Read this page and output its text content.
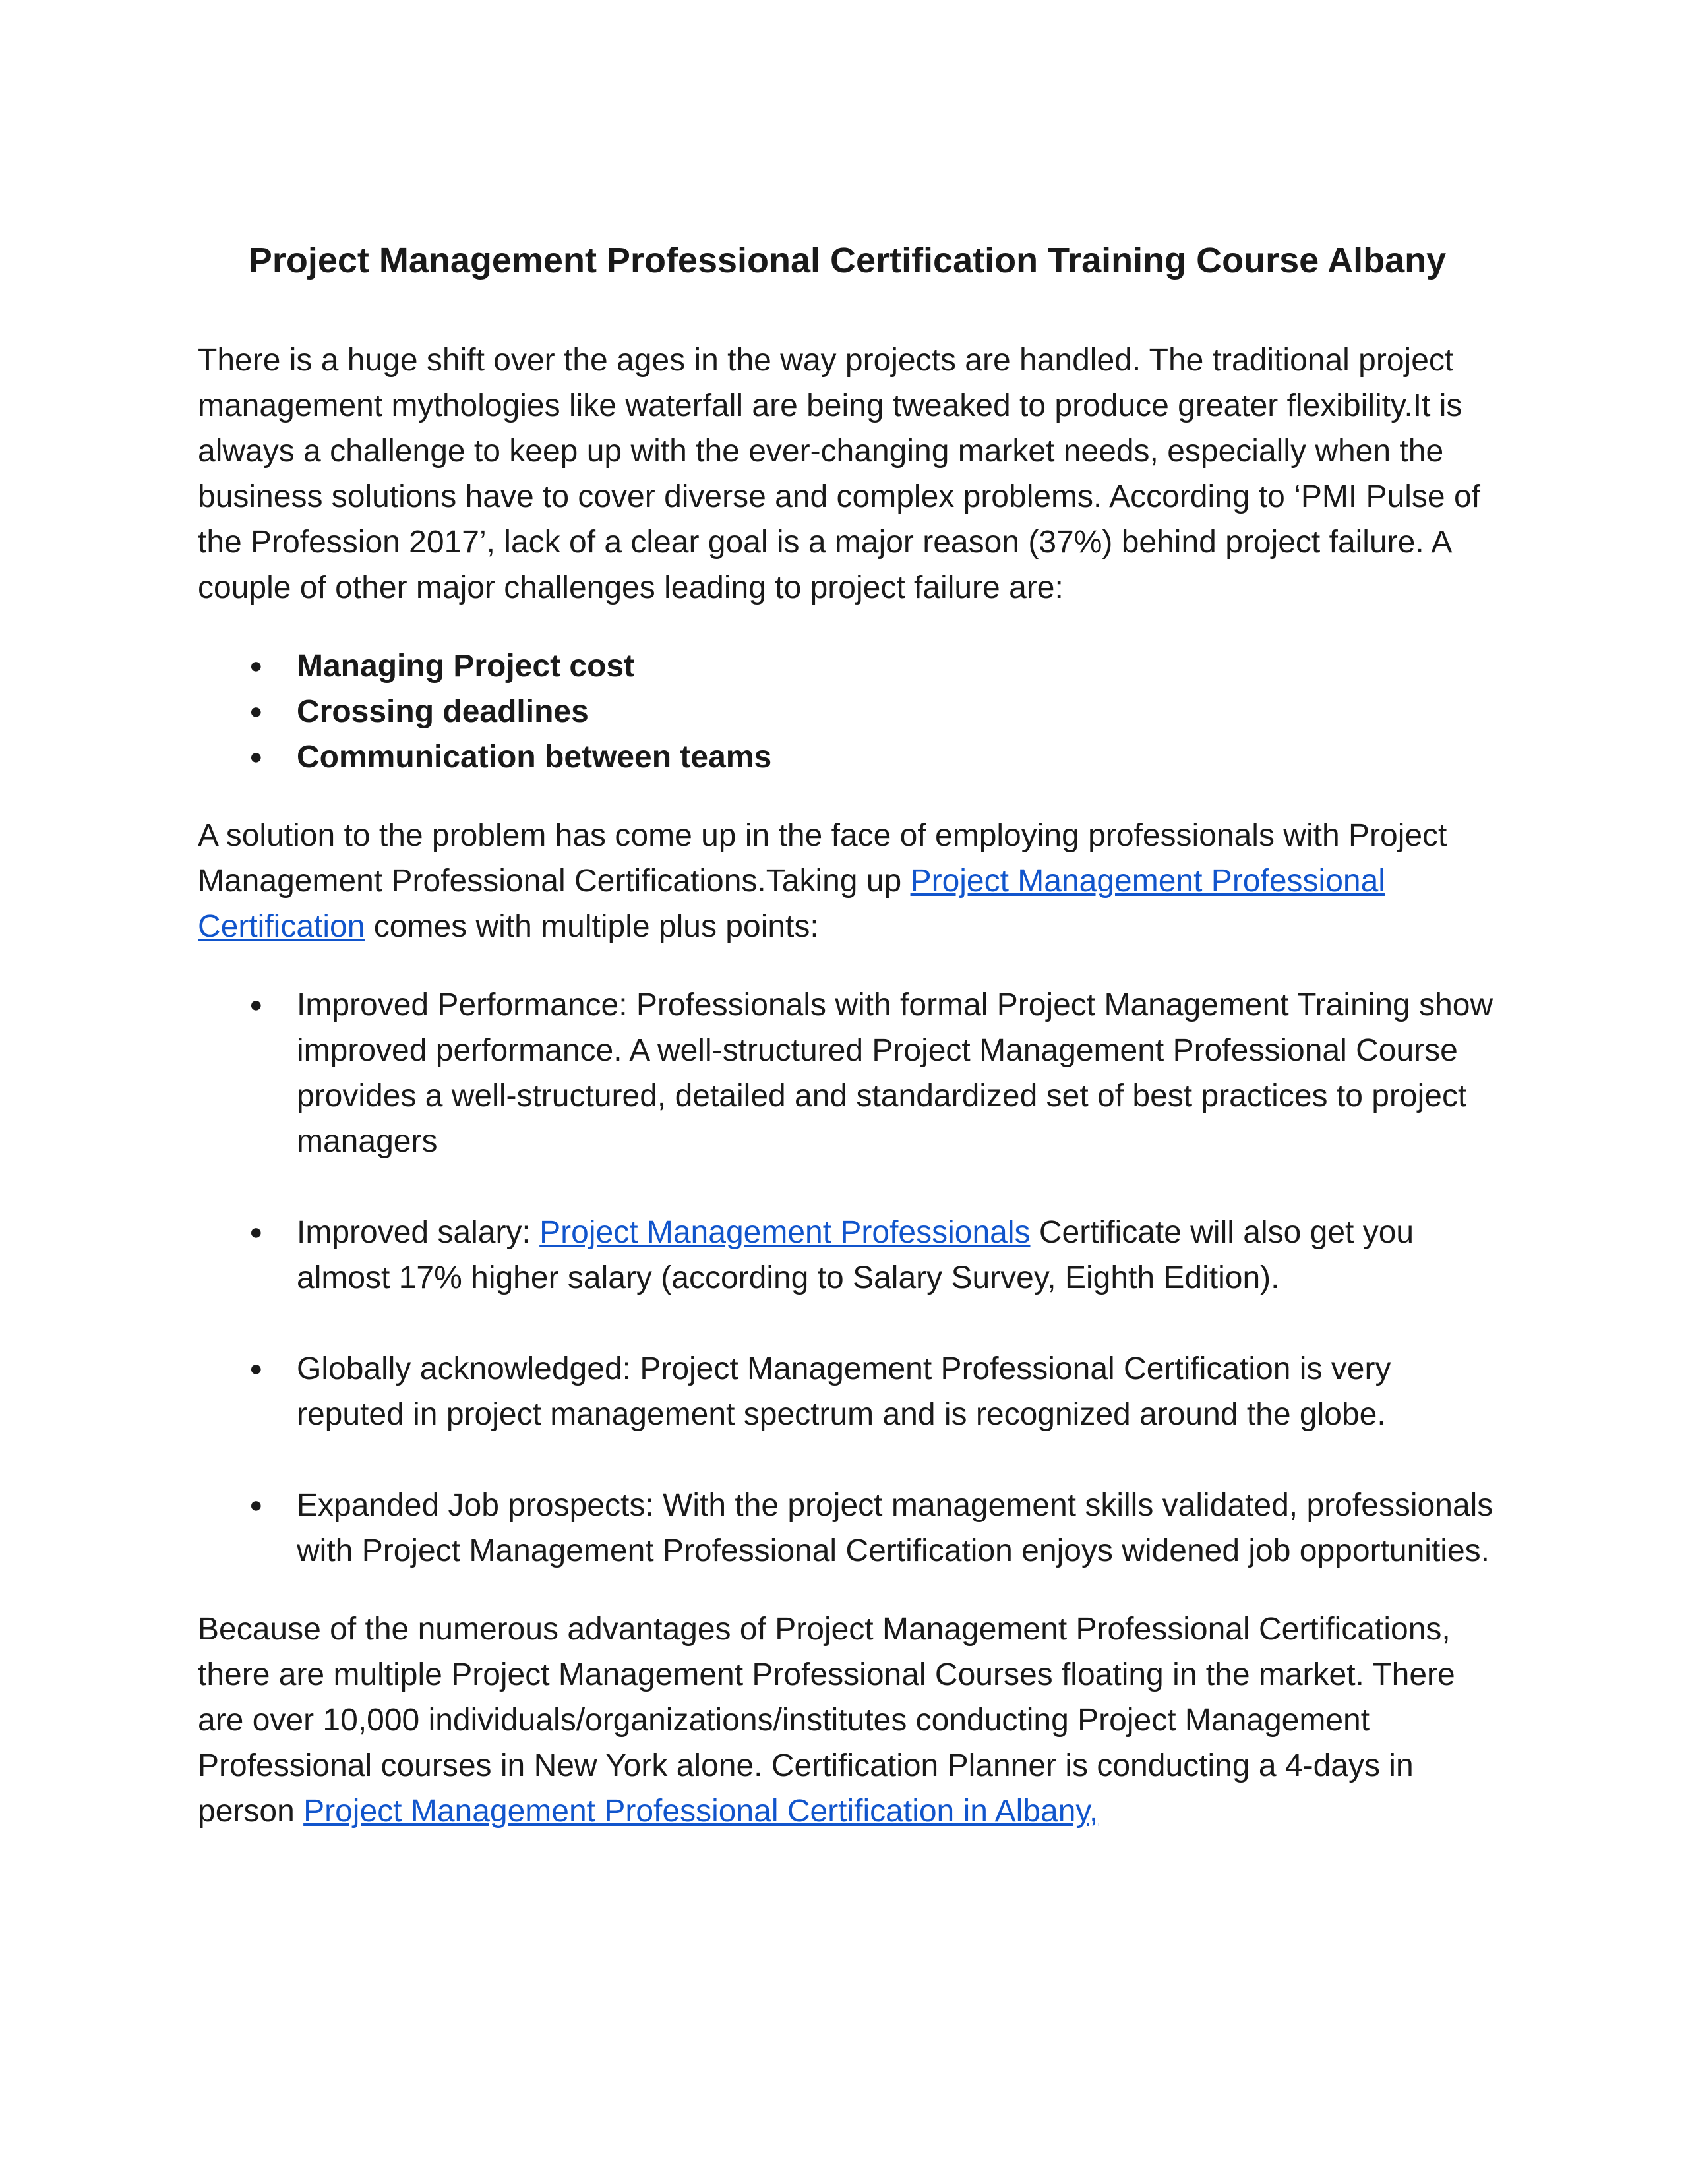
Project Management Professional Certification Training Course Albany

There is a huge shift over the ages in the way projects are handled. The traditional project management mythologies like waterfall are being tweaked to produce greater flexibility.It is always a challenge to keep up with the ever-changing market needs, especially when the business solutions have to cover diverse and complex problems. According to ‘PMI Pulse of the Profession 2017’, lack of a clear goal is a major reason (37%) behind project failure. A couple of other major challenges leading to project failure are:

● Managing Project cost
● Crossing deadlines
● Communication between teams

A solution to the problem has come up in the face of employing professionals with Project Management Professional Certifications.Taking up Project Management Professional Certification comes with multiple plus points:

● Improved Performance: Professionals with formal Project Management Training show improved performance. A well-structured Project Management Professional Course provides a well-structured, detailed and standardized set of best practices to project managers
● Improved salary: Project Management Professionals Certificate will also get you almost 17% higher salary (according to Salary Survey, Eighth Edition).
● Globally acknowledged: Project Management Professional Certification is very reputed in project management spectrum and is recognized around the globe.
● Expanded Job prospects: With the project management skills validated, professionals with Project Management Professional Certification enjoys widened job opportunities.

Because of the numerous advantages of Project Management Professional Certifications, there are multiple Project Management Professional Courses floating in the market. There are over 10,000 individuals/organizations/institutes conducting Project Management Professional courses in New York alone. Certification Planner is conducting a 4-days in person Project Management Professional Certification in Albany,
